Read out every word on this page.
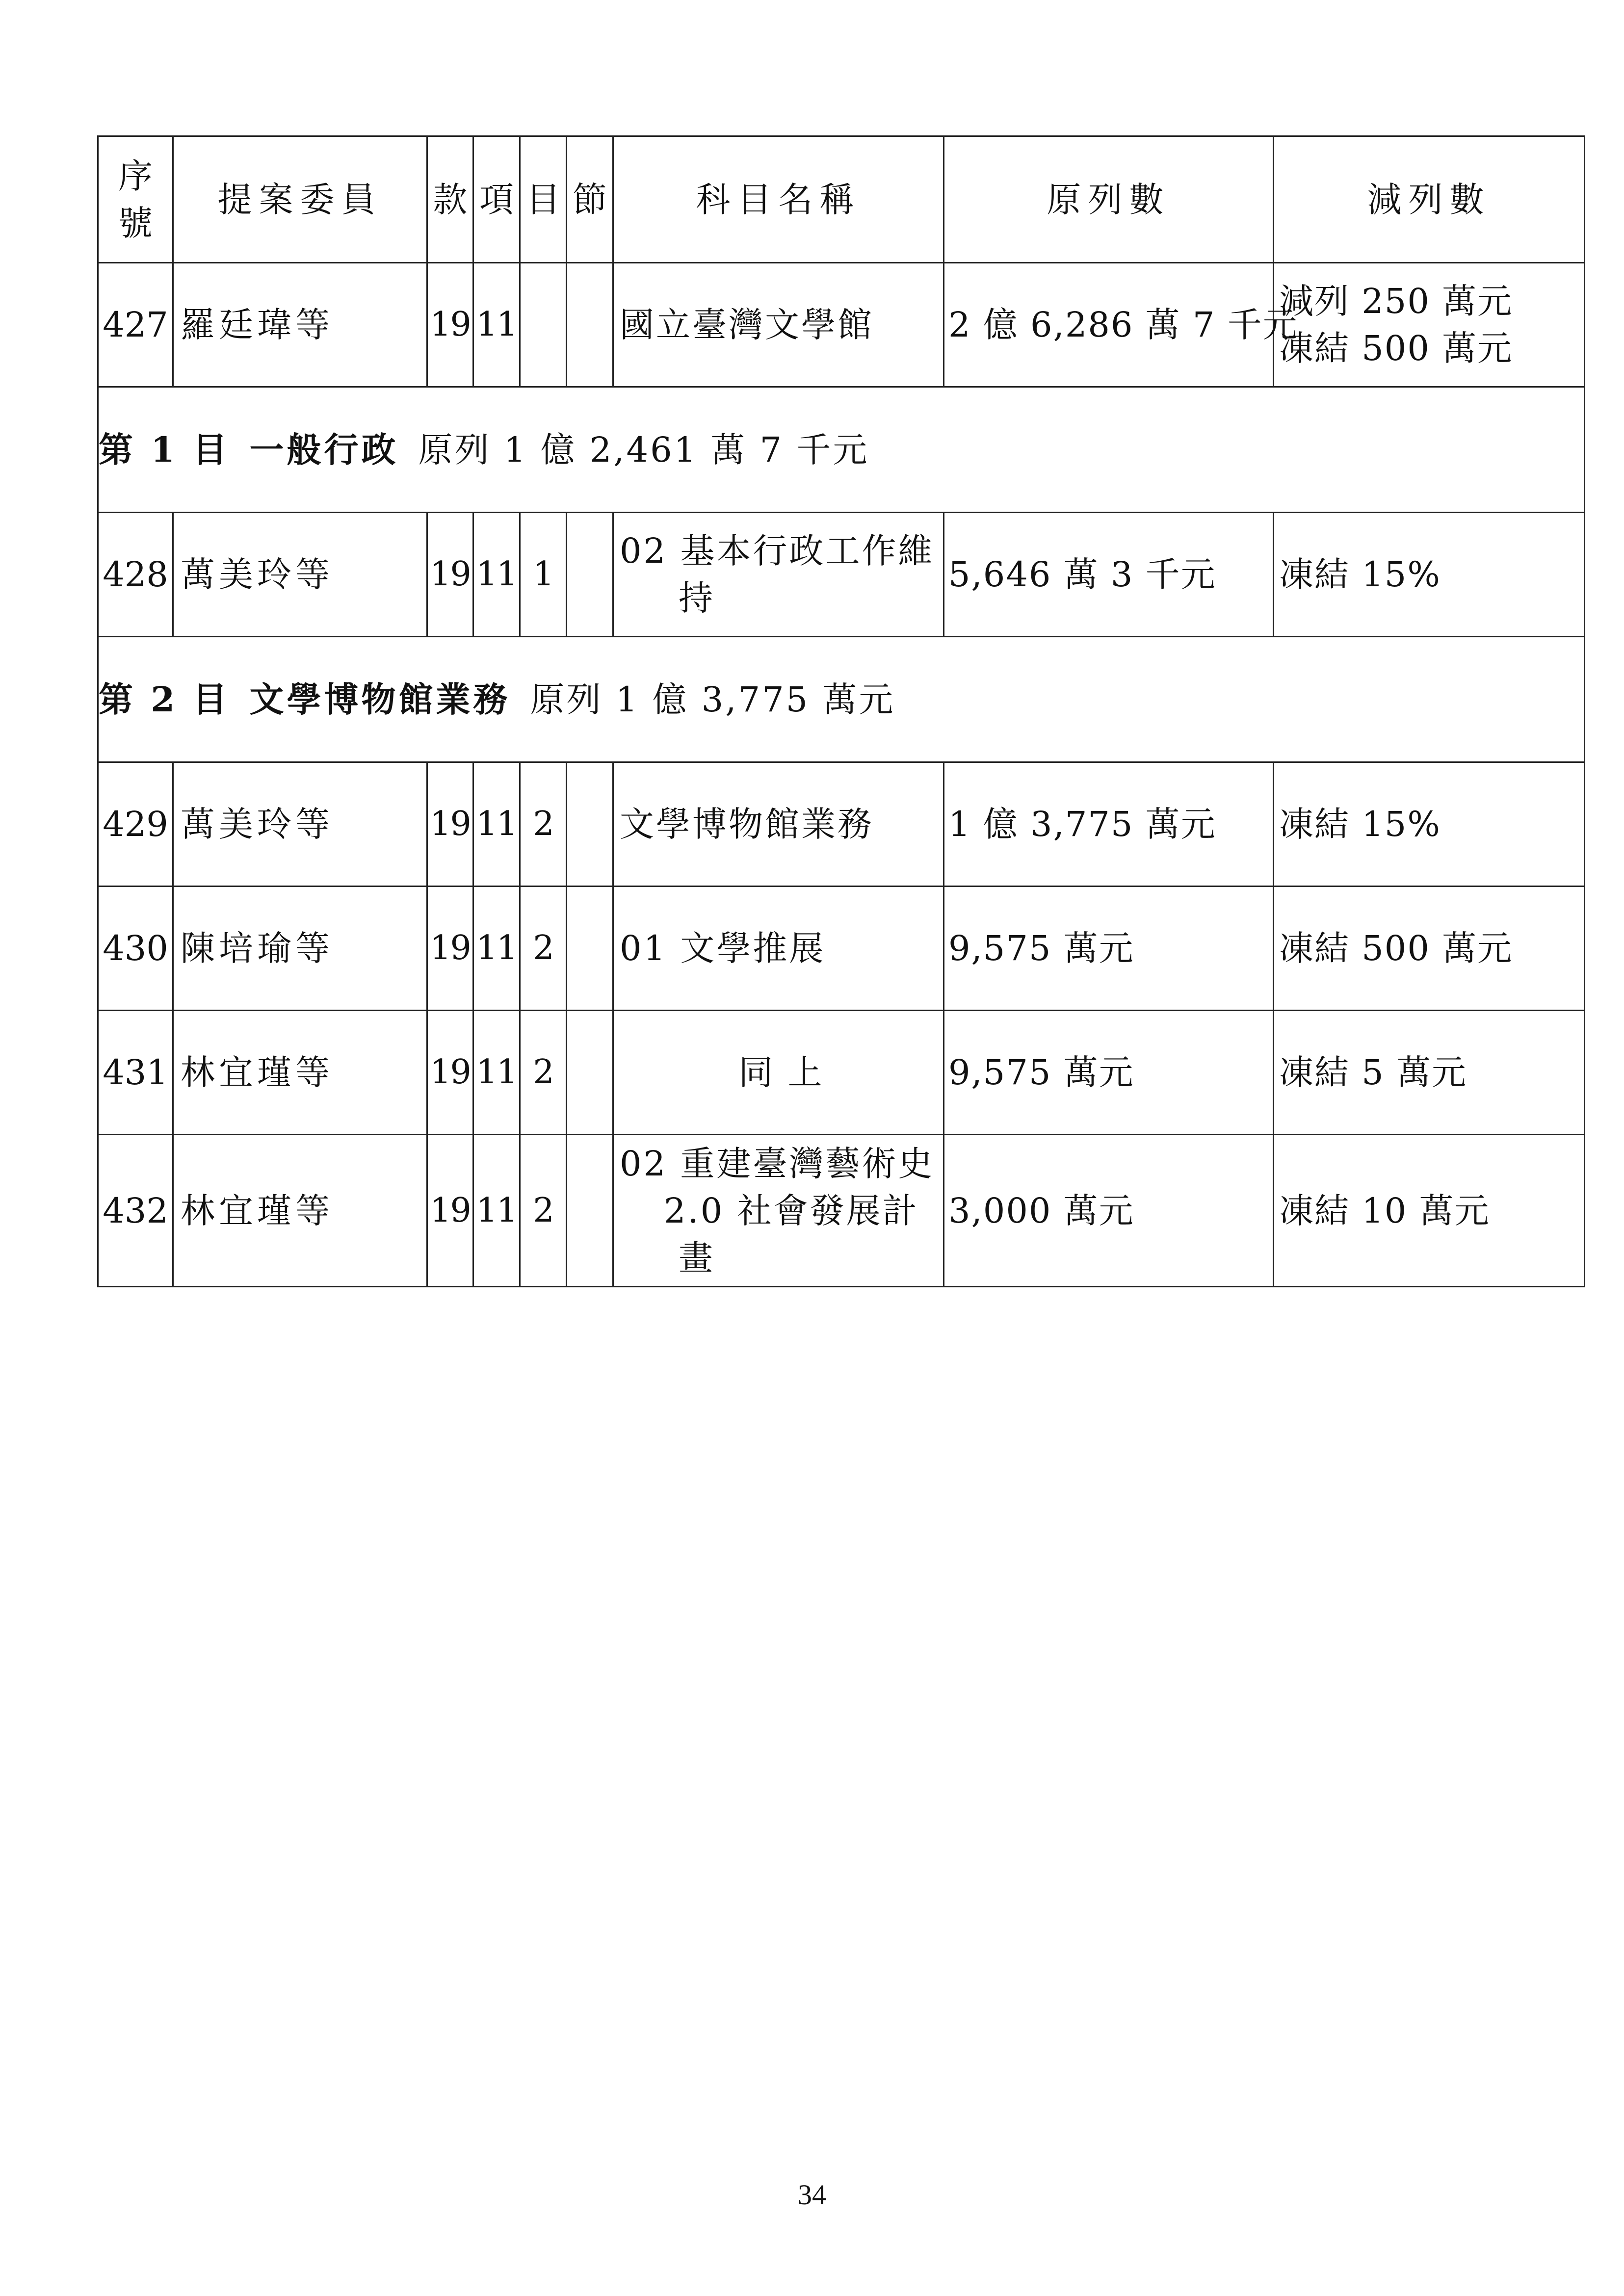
序
號	提案委員	款	項	目	節	科目名稱	原列數	減列數
427	羅廷瑋等	19	11			國立臺灣文學館	2 億 6,286 萬 7 千元	減列 250 萬元
凍結 500 萬元
第 1 目 一般行政 原列 1 億 2,461 萬 7 千元								
428	萬美玲等	19	11	1		02 基本行政工作維
持	5,646 萬 3 千元	凍結 15%
第 2 目 文學博物館業務 原列 1 億 3,775 萬元								
429	萬美玲等	19	11	2		文學博物館業務	1 億 3,775 萬元	凍結 15%
430	陳培瑜等	19	11	2		01 文學推展	9,575 萬元	凍結 500 萬元
431	林宜瑾等	19	11	2		同 上	9,575 萬元	凍結 5 萬元
432	林宜瑾等	19	11	2		02 重建臺灣藝術史
2.0 社會發展計
畫	3,000 萬元	凍結 10 萬元
34
